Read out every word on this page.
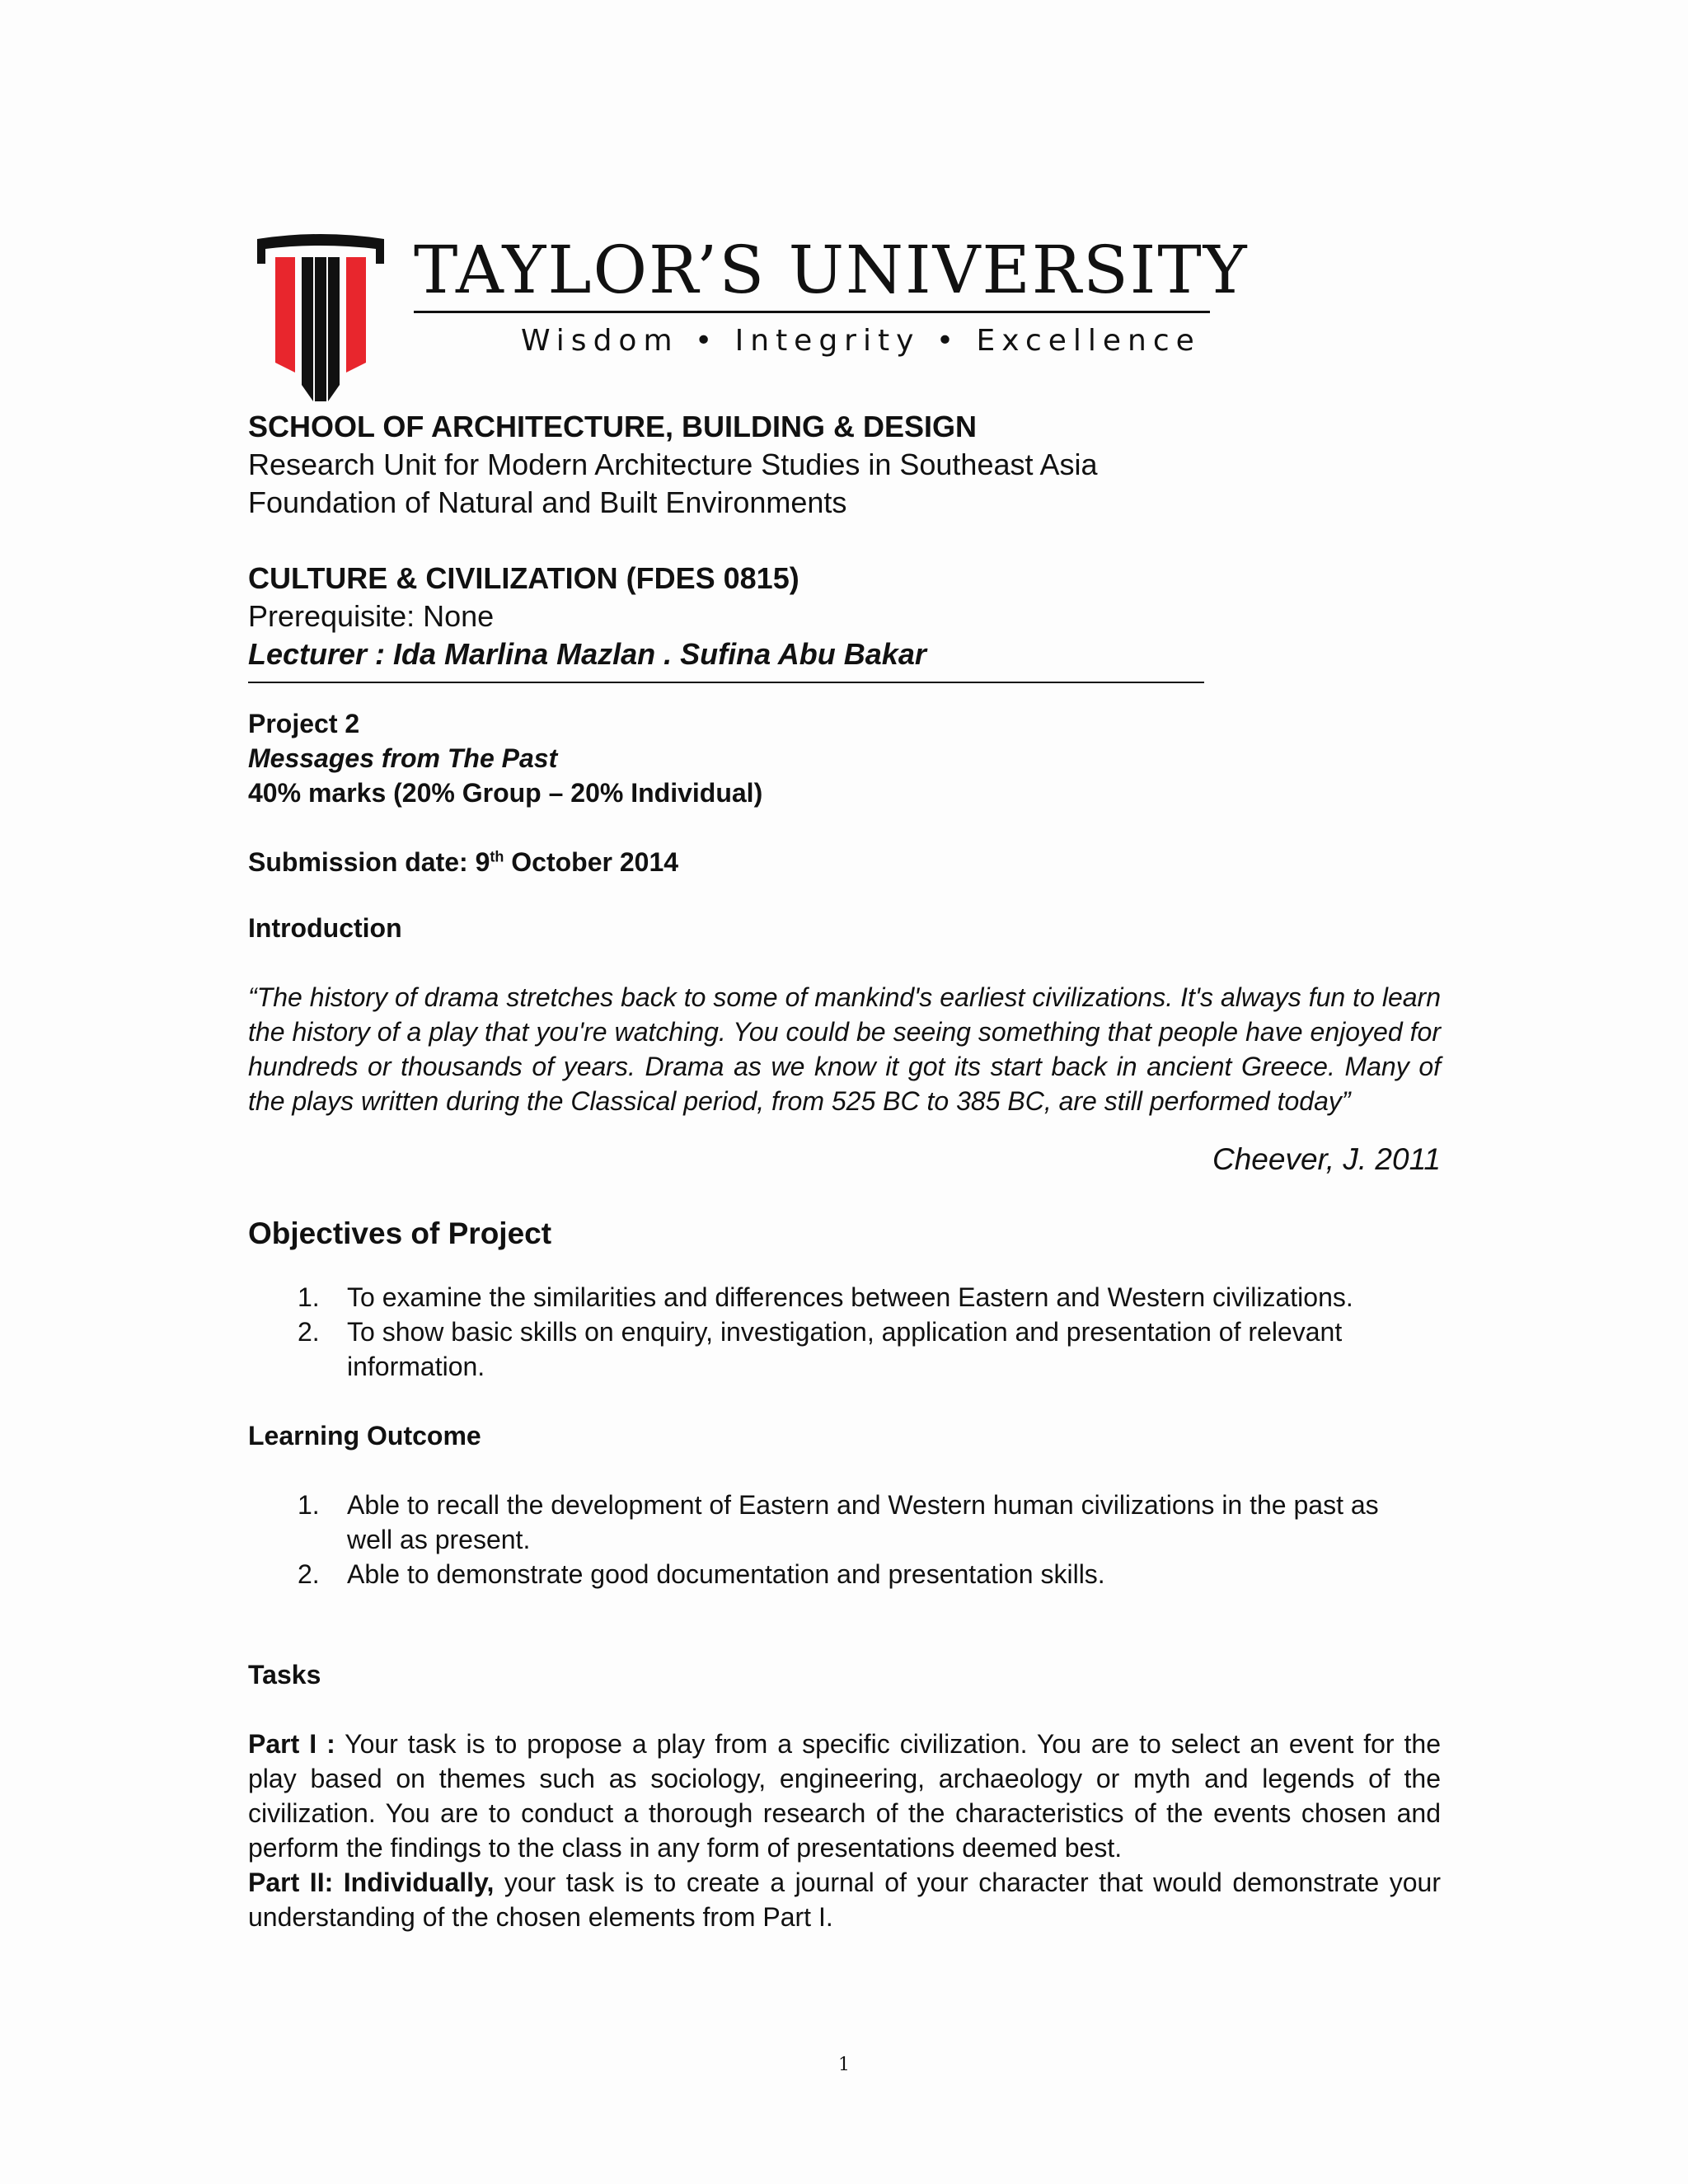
TAYLOR’S UNIVERSITY
Wisdom • Integrity • Excellence
SCHOOL OF ARCHITECTURE, BUILDING & DESIGN
Research Unit for Modern Architecture Studies in Southeast Asia
Foundation of Natural and Built Environments
CULTURE & CIVILIZATION (FDES 0815)
Prerequisite: None
Lecturer : Ida Marlina Mazlan . Sufina Abu Bakar
Project 2
Messages from The Past
40% marks (20% Group – 20% Individual)
Submission date: 9th October 2014
Introduction
“The history of drama stretches back to some of mankind's earliest civilizations. It's always fun to learn the history of a play that you're watching. You could be seeing something that people have enjoyed for hundreds or thousands of years. Drama as we know it got its start back in ancient Greece. Many of the plays written during the Classical period, from 525 BC to 385 BC, are still performed today”
Cheever, J. 2011
Objectives of Project
1.	To examine the similarities and differences between Eastern and Western civilizations.
2.	To show basic skills on enquiry, investigation, application and presentation of relevant information.
Learning Outcome
1.	Able to recall the development of Eastern and Western human civilizations in the past as well as present.
2.	Able to demonstrate good documentation and presentation skills.
Tasks
Part I : Your task is to propose a play from a specific civilization. You are to select an event for the play based on themes such as sociology, engineering, archaeology or myth and legends of the civilization. You are to conduct a thorough research of the characteristics of the events chosen and perform the findings to the class in any form of presentations deemed best.
Part II: Individually, your task is to create a journal of your character that would demonstrate your understanding of the chosen elements from Part I.
1
